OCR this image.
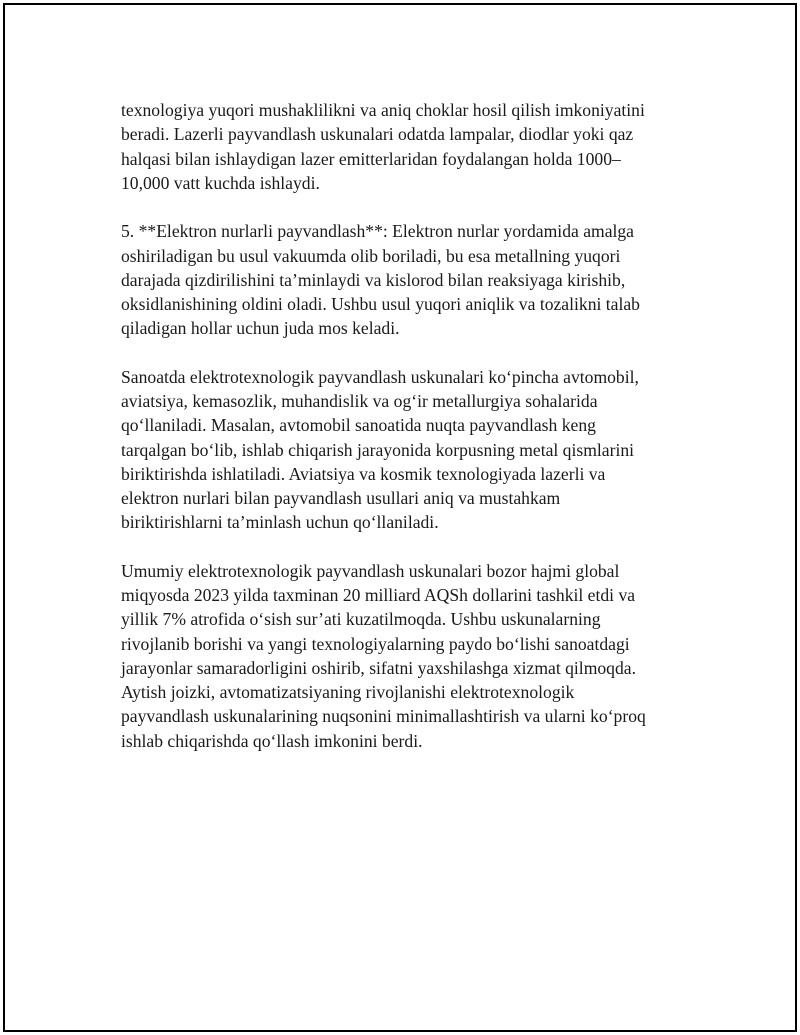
texnologiya yuqori mushaklilikni va aniq choklar hosil qilish imkoniyatini
beradi. Lazerli payvandlash uskunalari odatda lampalar, diodlar yoki qaz
halqasi bilan ishlaydigan lazer emitterlaridan foydalangan holda 1000–
10,000 vatt kuchda ishlaydi.

5. **Elektron nurlarli payvandlash**: Elektron nurlar yordamida amalga
oshiriladigan bu usul vakuumda olib boriladi, bu esa metallning yuqori
darajada qizdirilishini ta’minlaydi va kislorod bilan reaksiyaga kirishib,
oksidlanishining oldini oladi. Ushbu usul yuqori aniqlik va tozalikni talab
qiladigan hollar uchun juda mos keladi.

Sanoatda elektrotexnologik payvandlash uskunalari ko‘pincha avtomobil,
aviatsiya, kemasozlik, muhandislik va og‘ir metallurgiya sohalarida
qo‘llaniladi. Masalan, avtomobil sanoatida nuqta payvandlash keng
tarqalgan bo‘lib, ishlab chiqarish jarayonida korpusning metal qismlarini
biriktirishda ishlatiladi. Aviatsiya va kosmik texnologiyada lazerli va
elektron nurlari bilan payvandlash usullari aniq va mustahkam
biriktirishlarni ta’minlash uchun qo‘llaniladi.

Umumiy elektrotexnologik payvandlash uskunalari bozor hajmi global
miqyosda 2023 yilda taxminan 20 milliard AQSh dollarini tashkil etdi va
yillik 7% atrofida o‘sish sur’ati kuzatilmoqda. Ushbu uskunalarning
rivojlanib borishi va yangi texnologiyalarning paydo bo‘lishi sanoatdagi
jarayonlar samaradorligini oshirib, sifatni yaxshilashga xizmat qilmoqda.
Aytish joizki, avtomatizatsiyaning rivojlanishi elektrotexnologik
payvandlash uskunalarining nuqsonini minimallashtirish va ularni ko‘proq
ishlab chiqarishda qo‘llash imkonini berdi.
